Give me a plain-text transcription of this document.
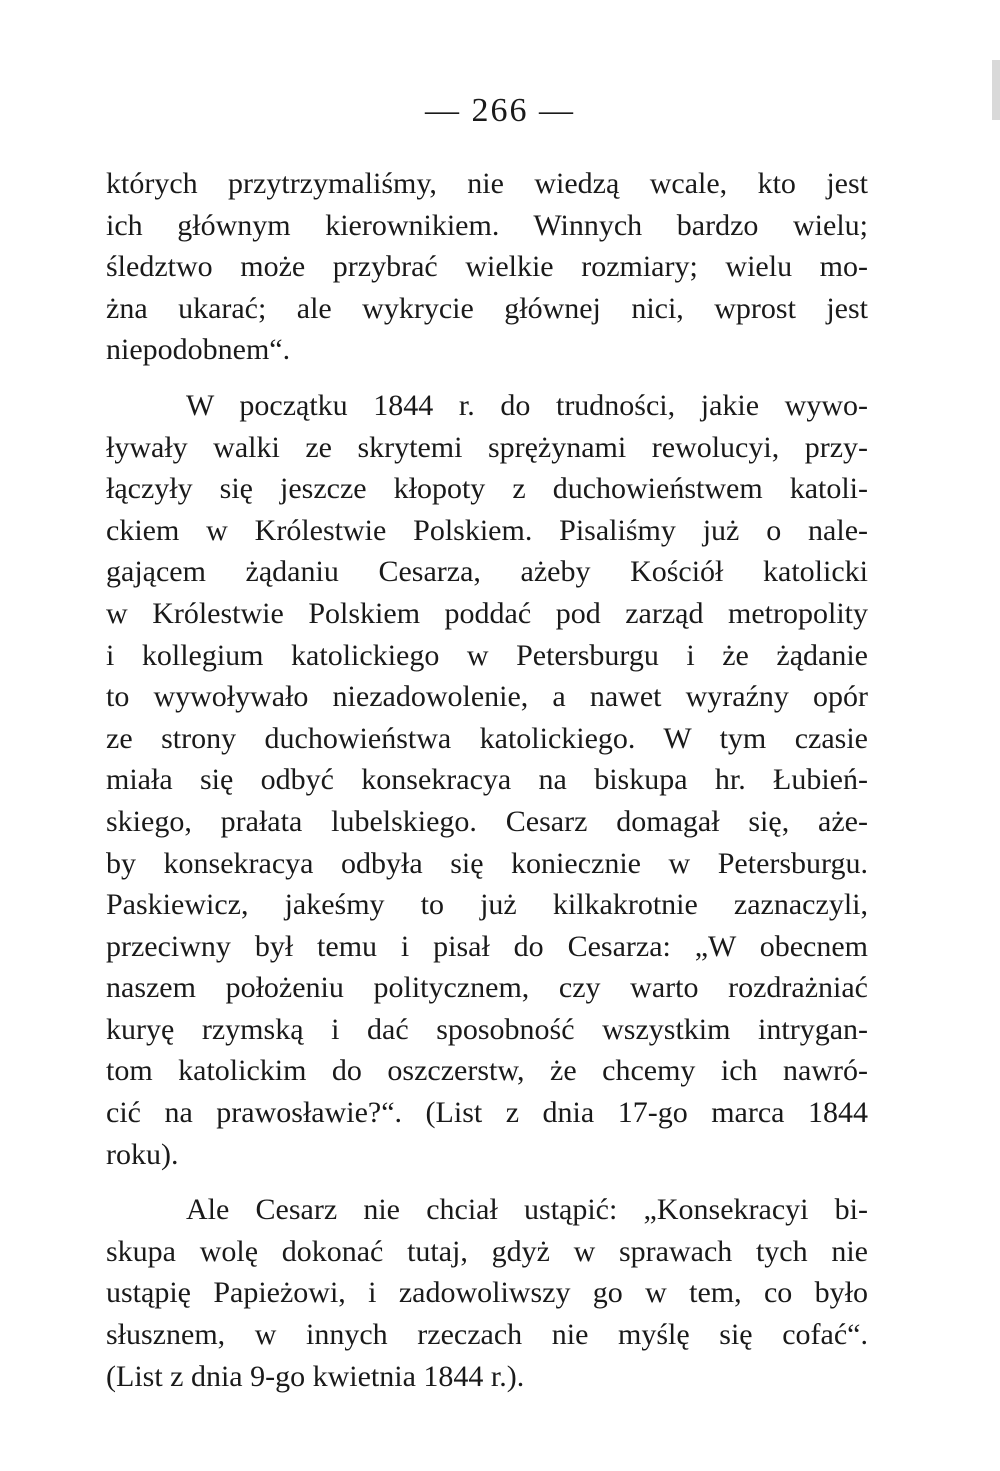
— 266 —
których przytrzymaliśmy, nie wiedzą wcale, kto jest
ich głównym kierownikiem. Winnych bardzo wielu;
śledztwo może przybrać wielkie rozmiary; wielu mo-
żna ukarać; ale wykrycie głównej nici, wprost jest
niepodobnem“.
W początku 1844 r. do trudności, jakie wywo-
ływały walki ze skrytemi sprężynami rewolucyi, przy-
łączyły się jeszcze kłopoty z duchowieństwem katoli-
ckiem w Królestwie Polskiem. Pisaliśmy już o nale-
gającem żądaniu Cesarza, ażeby Kościół katolicki
w Królestwie Polskiem poddać pod zarząd metropolity
i kollegium katolickiego w Petersburgu i że żądanie
to wywoływało niezadowolenie, a nawet wyraźny opór
ze strony duchowieństwa katolickiego. W tym czasie
miała się odbyć konsekracya na biskupa hr. Łubień-
skiego, prałata lubelskiego. Cesarz domagał się, aże-
by konsekracya odbyła się koniecznie w Petersburgu.
Paskiewicz, jakeśmy to już kilkakrotnie zaznaczyli,
przeciwny był temu i pisał do Cesarza: „W obecnem
naszem położeniu politycznem, czy warto rozdrażniać
kuryę rzymską i dać sposobność wszystkim intrygan-
tom katolickim do oszczerstw, że chcemy ich nawró-
cić na prawosławie?“. (List z dnia 17-go marca 1844
roku).
Ale Cesarz nie chciał ustąpić: „Konsekracyi bi-
skupa wolę dokonać tutaj, gdyż w sprawach tych nie
ustąpię Papieżowi, i zadowoliwszy go w tem, co było
słusznem, w innych rzeczach nie myślę się cofać“.
(List z dnia 9-go kwietnia 1844 r.).
